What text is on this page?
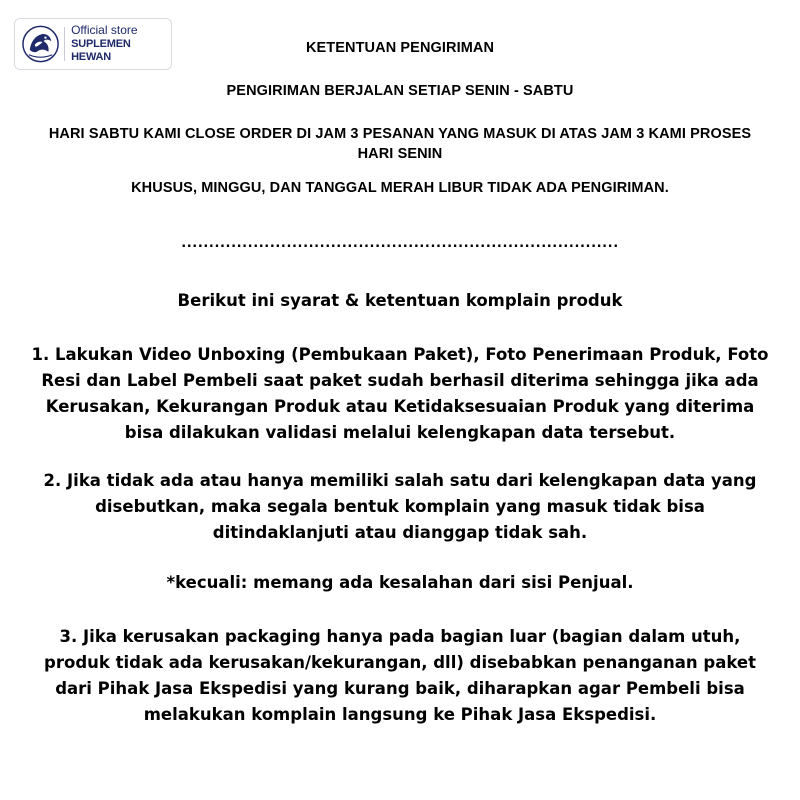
Official store
SUPLEMEN HEWAN

KETENTUAN PENGIRIMAN

PENGIRIMAN BERJALAN SETIAP SENIN - SABTU

HARI SABTU KAMI CLOSE ORDER DI JAM 3 PESANAN YANG MASUK DI ATAS JAM 3 KAMI PROSES HARI SENIN

KHUSUS, MINGGU, DAN TANGGAL MERAH LIBUR TIDAK ADA PENGIRIMAN.

...............................................................................

Berikut ini syarat & ketentuan komplain produk

1. Lakukan Video Unboxing (Pembukaan Paket), Foto Penerimaan Produk, Foto Resi dan Label Pembeli saat paket sudah berhasil diterima sehingga jika ada Kerusakan, Kekurangan Produk atau Ketidaksesuaian Produk yang diterima bisa dilakukan validasi melalui kelengkapan data tersebut.

2. Jika tidak ada atau hanya memiliki salah satu dari kelengkapan data yang disebutkan, maka segala bentuk komplain yang masuk tidak bisa ditindaklanjuti atau dianggap tidak sah.

*kecuali: memang ada kesalahan dari sisi Penjual.

3. Jika kerusakan packaging hanya pada bagian luar (bagian dalam utuh, produk tidak ada kerusakan/kekurangan, dll) disebabkan penanganan paket dari Pihak Jasa Ekspedisi yang kurang baik, diharapkan agar Pembeli bisa melakukan komplain langsung ke Pihak Jasa Ekspedisi.
